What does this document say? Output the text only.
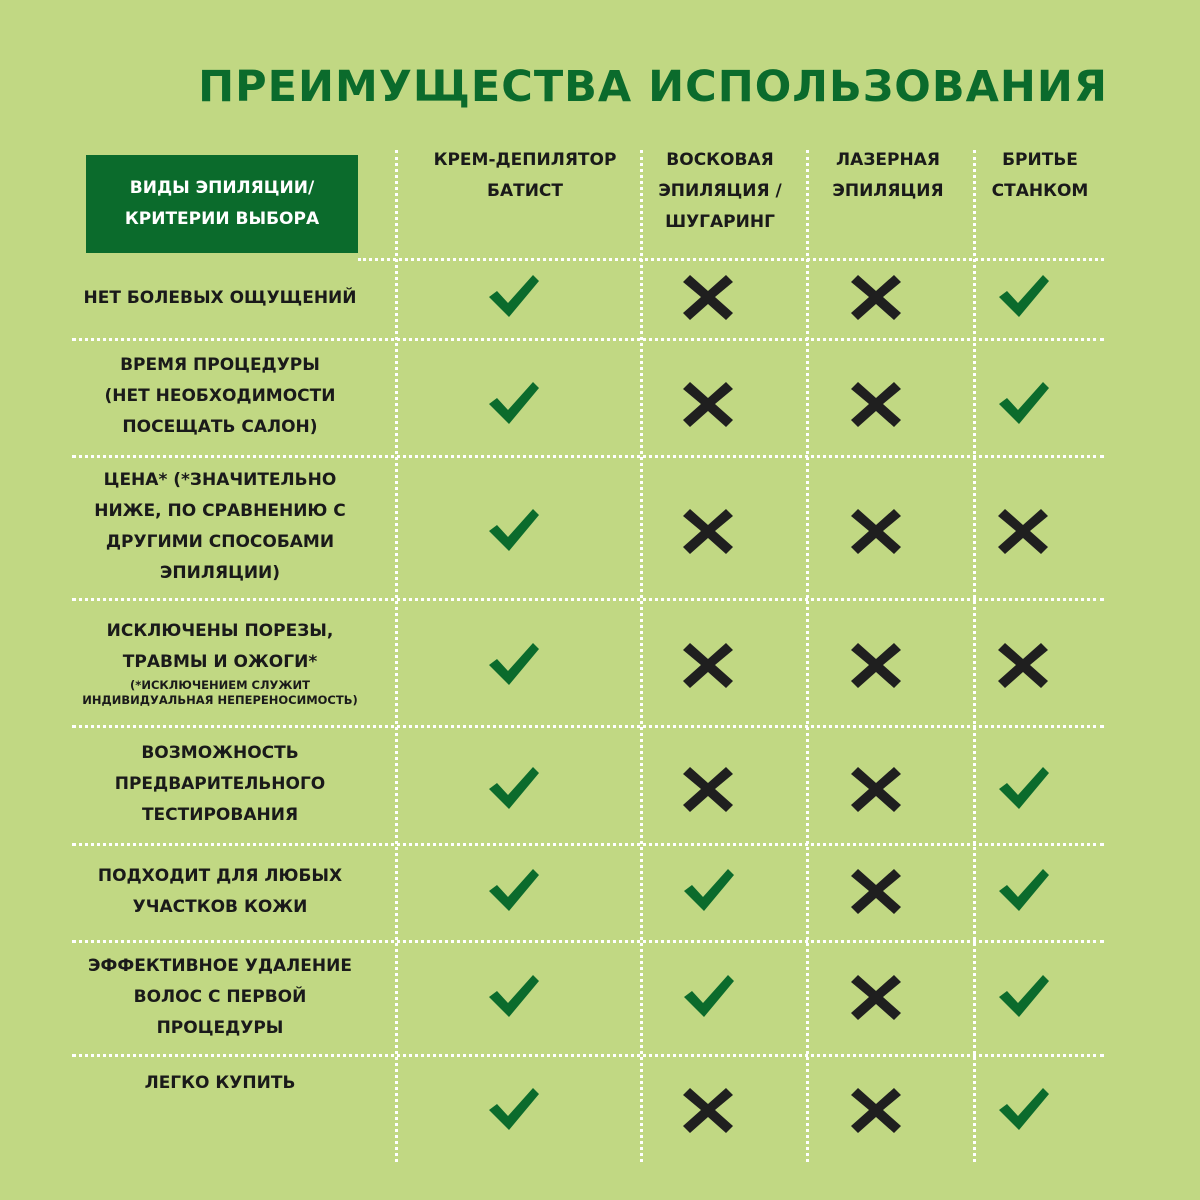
ПРЕИМУЩЕСТВА ИСПОЛЬЗОВАНИЯ
ВИДЫ ЭПИЛЯЦИИ/
КРИТЕРИИ ВЫБОРА
КРЕМ-ДЕПИЛЯТОР
БАТИСТ
ВОСКОВАЯ
ЭПИЛЯЦИЯ /
ШУГАРИНГ
ЛАЗЕРНАЯ
ЭПИЛЯЦИЯ
БРИТЬЕ
СТАНКОМ
НЕТ БОЛЕВЫХ ОЩУЩЕНИЙ
ВРЕМЯ ПРОЦЕДУРЫ
(НЕТ НЕОБХОДИМОСТИ
ПОСЕЩАТЬ САЛОН)
ЦЕНА* (*ЗНАЧИТЕЛЬНО
НИЖЕ, ПО СРАВНЕНИЮ С
ДРУГИМИ СПОСОБАМИ
ЭПИЛЯЦИИ)
ИСКЛЮЧЕНЫ ПОРЕЗЫ,
ТРАВМЫ И ОЖОГИ*
(*ИСКЛЮЧЕНИЕМ СЛУЖИТ
ИНДИВИДУАЛЬНАЯ НЕПЕРЕНОСИМОСТЬ)
ВОЗМОЖНОСТЬ
ПРЕДВАРИТЕЛЬНОГО
ТЕСТИРОВАНИЯ
ПОДХОДИТ ДЛЯ ЛЮБЫХ
УЧАСТКОВ КОЖИ
ЭФФЕКТИВНОЕ УДАЛЕНИЕ
ВОЛОС С ПЕРВОЙ
ПРОЦЕДУРЫ
ЛЕГКО КУПИТЬ
